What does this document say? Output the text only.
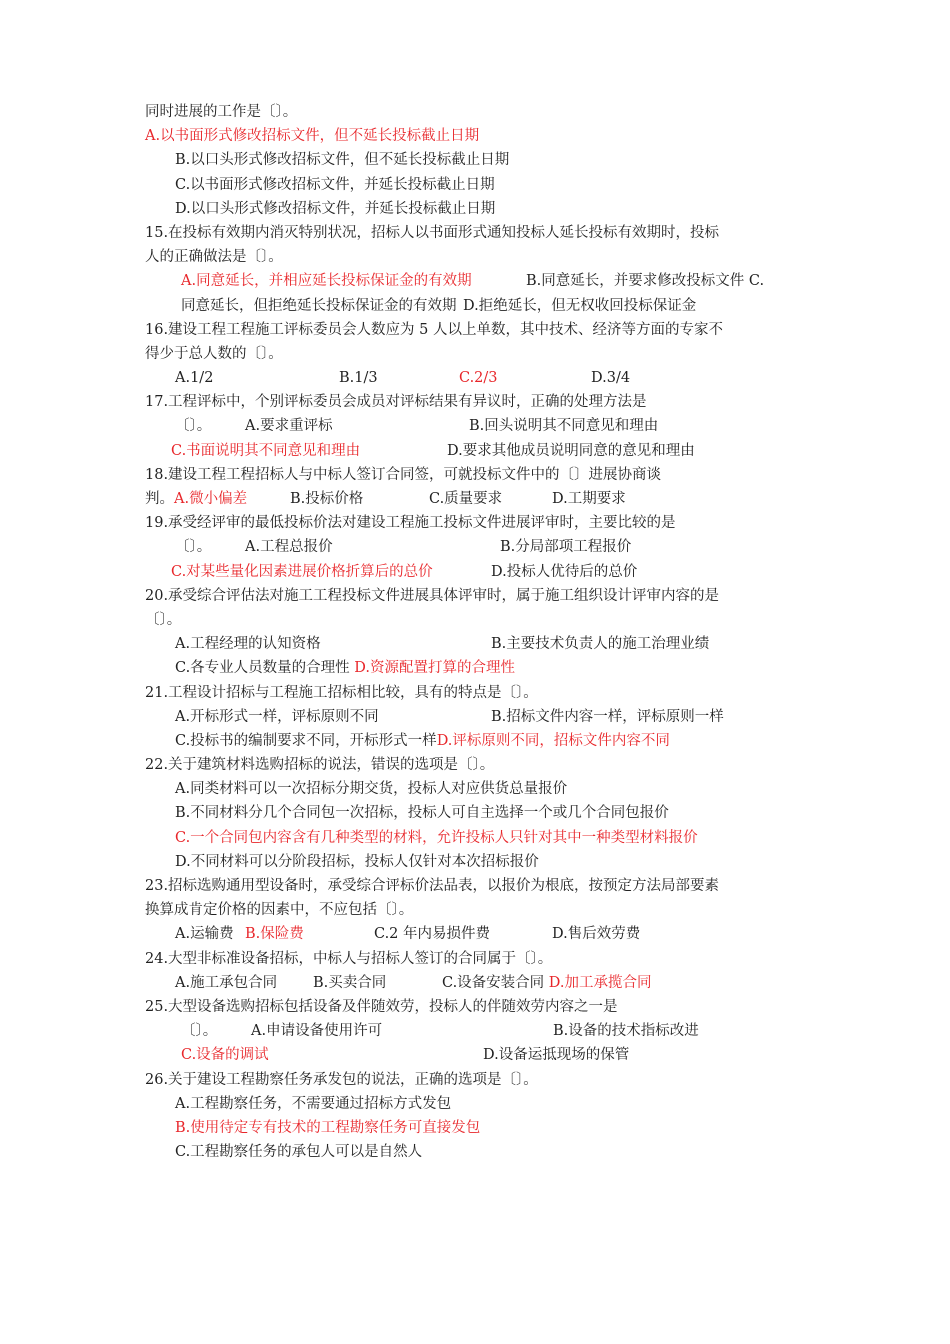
同时进展的工作是〔〕。
A.以书面形式修改招标文件，但不延长投标截止日期
B.以口头形式修改招标文件，但不延长投标截止日期
C.以书面形式修改招标文件，并延长投标截止日期
D.以口头形式修改招标文件，并延长投标截止日期
15.在投标有效期内消灭特别状况，招标人以书面形式通知投标人延长投标有效期时，投标
人的正确做法是〔〕。
A.同意延长，并相应延长投标保证金的有效期	B.同意延长，并要求修改投标文件 C.
同意延长，但拒绝延长投标保证金的有效期 D.拒绝延长，但无权收回投标保证金
16.建设工程工程施工评标委员会人数应为 5 人以上单数，其中技术、经济等方面的专家不
得少于总人数的〔〕。
A.1/2	B.1/3	C.2/3	D.3/4
17.工程评标中，个别评标委员会成员对评标结果有异议时，正确的处理方法是
〔〕。 A.要求重评标	B.回头说明其不同意见和理由
C.书面说明其不同意见和理由	D.要求其他成员说明同意的意见和理由
18.建设工程工程招标人与中标人签订合同签，可就投标文件中的〔〕进展协商谈
判。A.微小偏差	B.投标价格	C.质量要求	D.工期要求
19.承受经评审的最低投标价法对建设工程施工投标文件进展评审时，主要比较的是
〔〕。 A.工程总报价	B.分局部项工程报价
C.对某些量化因素进展价格折算后的总价	D.投标人优待后的总价
20.承受综合评估法对施工工程投标文件进展具体评审时，属于施工组织设计评审内容的是
〔〕。
A.工程经理的认知资格	B.主要技术负责人的施工治理业绩
C.各专业人员数量的合理性 D.资源配置打算的合理性
21.工程设计招标与工程施工招标相比较，具有的特点是〔〕。
A.开标形式一样，评标原则不同	B.招标文件内容一样，评标原则一样
C.投标书的编制要求不同，开标形式一样D.评标原则不同，招标文件内容不同
22.关于建筑材料选购招标的说法，错误的选项是〔〕。
A.同类材料可以一次招标分期交货，投标人对应供货总量报价
B.不同材料分几个合同包一次招标，投标人可自主选择一个或几个合同包报价
C.一个合同包内容含有几种类型的材料，允许投标人只针对其中一种类型材料报价
D.不同材料可以分阶段招标，投标人仅针对本次招标报价
23.招标选购通用型设备时，承受综合评标价法品表，以报价为根底，按预定方法局部要素
换算成肯定价格的因素中，不应包括〔〕。
A.运输费 B.保险费	C.2 年内易损件费	D.售后效劳费
24.大型非标准设备招标，中标人与招标人签订的合同属于〔〕。
A.施工承包合同 B.买卖合同	C.设备安装合同 D.加工承揽合同
25.大型设备选购招标包括设备及伴随效劳，投标人的伴随效劳内容之一是
〔〕。 A.申请设备使用许可	B.设备的技术指标改进
C.设备的调试	D.设备运抵现场的保管
26.关于建设工程勘察任务承发包的说法，正确的选项是〔〕。
A.工程勘察任务，不需要通过招标方式发包
B.使用待定专有技术的工程勘察任务可直接发包
C.工程勘察任务的承包人可以是自然人
